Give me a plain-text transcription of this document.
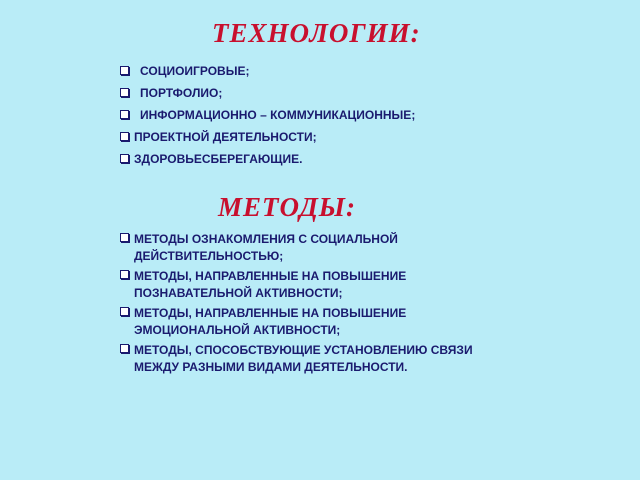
ТЕХНОЛОГИИ:
СОЦИОИГРОВЫЕ;
ПОРТФОЛИО;
ИНФОРМАЦИОННО – КОММУНИКАЦИОННЫЕ;
ПРОЕКТНОЙ ДЕЯТЕЛЬНОСТИ;
ЗДОРОВЬЕСБЕРЕГАЮЩИЕ.
МЕТОДЫ:
МЕТОДЫ ОЗНАКОМЛЕНИЯ С СОЦИАЛЬНОЙ
ДЕЙСТВИТЕЛЬНОСТЬЮ;
МЕТОДЫ, НАПРАВЛЕННЫЕ НА ПОВЫШЕНИЕ
ПОЗНАВАТЕЛЬНОЙ АКТИВНОСТИ;
МЕТОДЫ, НАПРАВЛЕННЫЕ НА ПОВЫШЕНИЕ
ЭМОЦИОНАЛЬНОЙ АКТИВНОСТИ;
МЕТОДЫ, СПОСОБСТВУЮЩИЕ УСТАНОВЛЕНИЮ СВЯЗИ
МЕЖДУ РАЗНЫМИ ВИДАМИ ДЕЯТЕЛЬНОСТИ.
